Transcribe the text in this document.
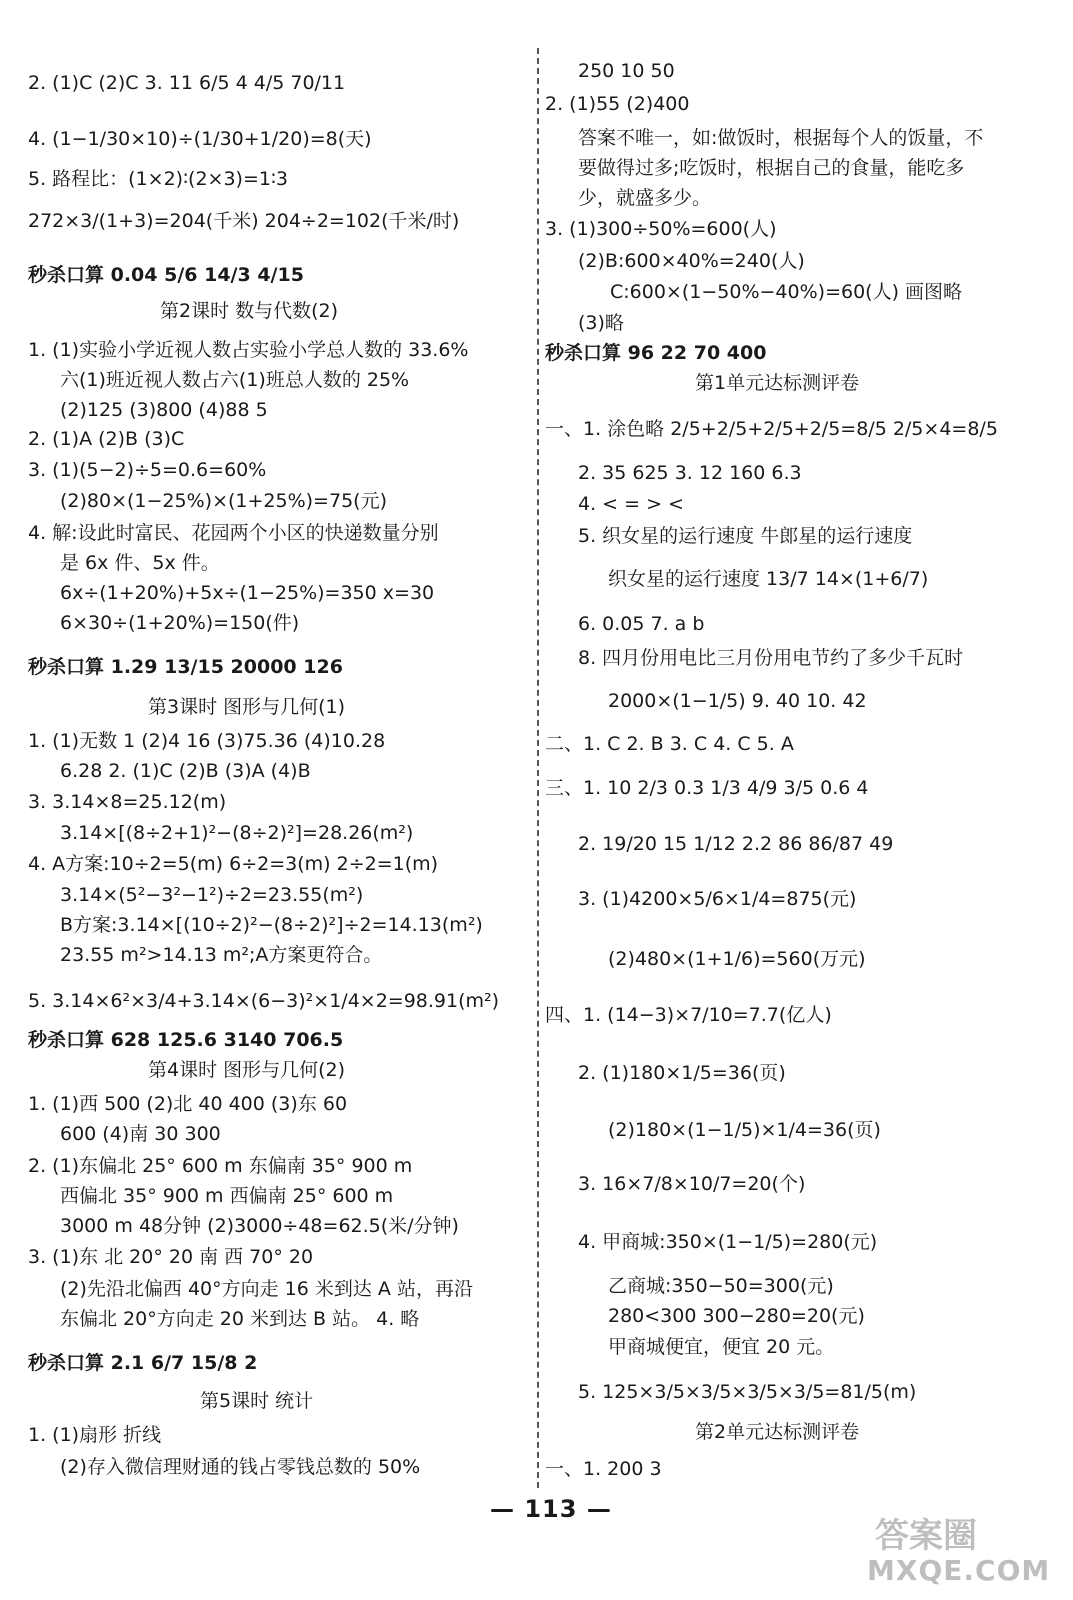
2. (1)C (2)C 3. 11 6/5 4 4/5 70/11
4. (1−1/30×10)÷(1/30+1/20)=8(天)
5. 路程比：(1×2)∶(2×3)=1∶3
272×3/(1+3)=204(千米) 204÷2=102(千米/时)
秒杀口算 0.04 5/6 14/3 4/15
第2课时 数与代数(2)
1. (1)实验小学近视人数占实验小学总人数的 33.6%
六(1)班近视人数占六(1)班总人数的 25%
(2)125 (3)800 (4)88 5
2. (1)A (2)B (3)C
3. (1)(5−2)÷5=0.6=60%
(2)80×(1−25%)×(1+25%)=75(元)
4. 解:设此时富民、花园两个小区的快递数量分别
是 6x 件、5x 件。
6x÷(1+20%)+5x÷(1−25%)=350 x=30
6×30÷(1+20%)=150(件)
秒杀口算 1.29 13/15 20000 126
第3课时 图形与几何(1)
1. (1)无数 1 (2)4 16 (3)75.36 (4)10.28
6.28 2. (1)C (2)B (3)A (4)B
3. 3.14×8=25.12(m)
3.14×[(8÷2+1)²−(8÷2)²]=28.26(m²)
4. A方案:10÷2=5(m) 6÷2=3(m) 2÷2=1(m)
3.14×(5²−3²−1²)÷2=23.55(m²)
B方案:3.14×[(10÷2)²−(8÷2)²]÷2=14.13(m²)
23.55 m²>14.13 m²;A方案更符合。
5. 3.14×6²×3/4+3.14×(6−3)²×1/4×2=98.91(m²)
秒杀口算 628 125.6 3140 706.5
第4课时 图形与几何(2)
1. (1)西 500 (2)北 40 400 (3)东 60
600 (4)南 30 300
2. (1)东偏北 25° 600 m 东偏南 35° 900 m
西偏北 35° 900 m 西偏南 25° 600 m
3000 m 48分钟 (2)3000÷48=62.5(米/分钟)
3. (1)东 北 20° 20 南 西 70° 20
(2)先沿北偏西 40°方向走 16 米到达 A 站，再沿
东偏北 20°方向走 20 米到达 B 站。 4. 略
秒杀口算 2.1 6/7 15/8 2
第5课时 统计
1. (1)扇形 折线
(2)存入微信理财通的钱占零钱总数的 50%
250 10 50
2. (1)55 (2)400
答案不唯一，如:做饭时，根据每个人的饭量，不
要做得过多;吃饭时，根据自己的食量，能吃多
少，就盛多少。
3. (1)300÷50%=600(人)
(2)B:600×40%=240(人)
C:600×(1−50%−40%)=60(人) 画图略
(3)略
秒杀口算 96 22 70 400
第1单元达标测评卷
一、1. 涂色略 2/5+2/5+2/5+2/5=8/5 2/5×4=8/5
2. 35 625 3. 12 160 6.3
4. < = > <
5. 织女星的运行速度 牛郎星的运行速度
织女星的运行速度 13/7 14×(1+6/7)
6. 0.05 7. a b
8. 四月份用电比三月份用电节约了多少千瓦时
2000×(1−1/5) 9. 40 10. 42
二、1. C 2. B 3. C 4. C 5. A
三、1. 10 2/3 0.3 1/3 4/9 3/5 0.6 4
2. 19/20 15 1/12 2.2 86 86/87 49
3. (1)4200×5/6×1/4=875(元)
(2)480×(1+1/6)=560(万元)
四、1. (14−3)×7/10=7.7(亿人)
2. (1)180×1/5=36(页)
(2)180×(1−1/5)×1/4=36(页)
3. 16×7/8×10/7=20(个)
4. 甲商城:350×(1−1/5)=280(元)
乙商城:350−50=300(元)
280<300 300−280=20(元)
甲商城便宜，便宜 20 元。
5. 125×3/5×3/5×3/5×3/5=81/5(m)
第2单元达标测评卷
一、1. 200 3
— 113 —
答案圈
MXQE.COM
